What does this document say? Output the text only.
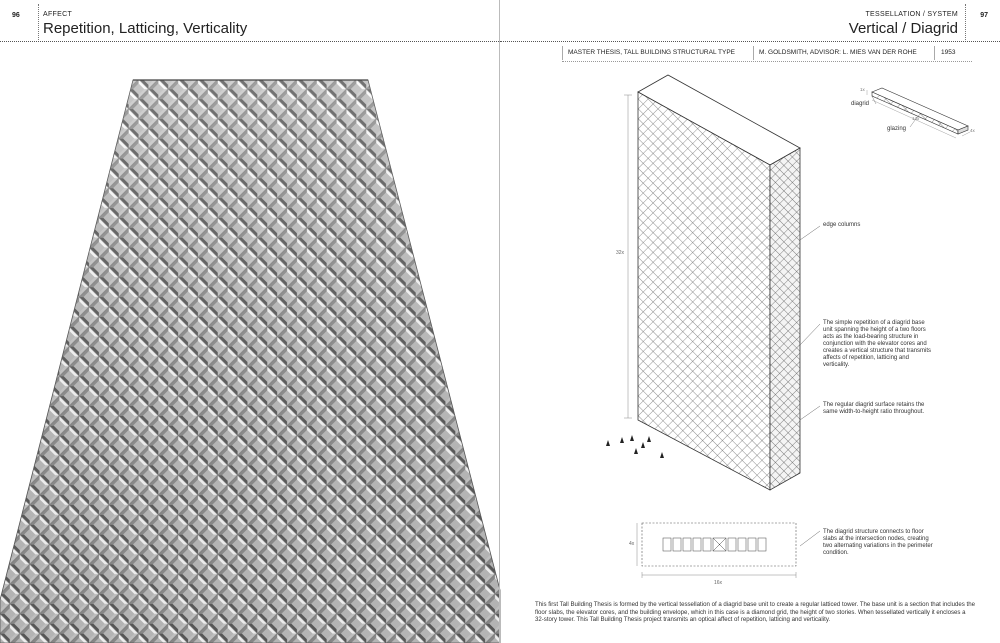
96	AFFECT
Repetition, Latticing, Verticality
TESSELLATION / SYSTEM
Vertical / Diagrid
97
MASTER THESIS, TALL BUILDING STRUCTURAL TYPE	M. GOLDSMITH, ADVISOR: L. MIES VAN DER ROHE	1953
32x
4x
16x
diagrid
glazing
14x
4x
1x
edge columns
The simple repetition of a diagrid base unit spanning the height of a two floors acts as the load-bearing structure in conjunction with the elevator cores and creates a vertical structure that transmits affects of repetition, latticing and verticality.
The regular diagrid surface retains the same width-to-height ratio throughout.
The diagrid structure connects to floor slabs at the intersection nodes, creating two alternating variations in the perimeter condition.
This first Tall Building Thesis is formed by the vertical tessellation of a diagrid base unit to create a regular latticed tower. The base unit is a section that includes the floor slabs, the elevator cores, and the building envelope, which in this case is a diamond grid, the height of two stories. When tessellated vertically it encloses a 32-story tower. This Tall Building Thesis project transmits an optical affect of repetition, latticing and verticality.
